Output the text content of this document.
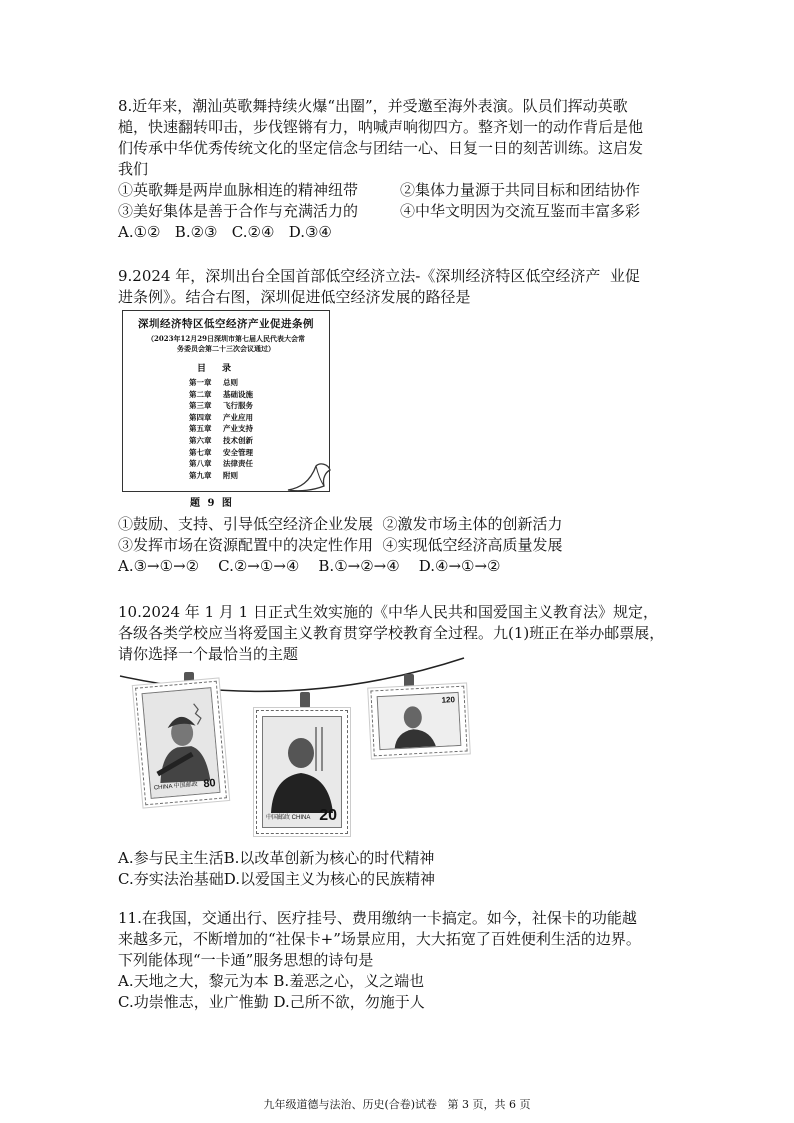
8.近年来，潮汕英歌舞持续火爆“出圈”，并受邀至海外表演。队员们挥动英歌

槌，快速翻转叩击，步伐铿锵有力，呐喊声响彻四方。整齐划一的动作背后是他

们传承中华优秀传统文化的坚定信念与团结一心、日复一日的刻苦训练。这启发

我们

①英歌舞是两岸血脉相连的精神纽带	②集体力量源于共同目标和团结协作
③美好集体是善于合作与充满活力的	④中华文明因为交流互鉴而丰富多彩

A.①②   B.②③   C.②④   D.③④

9.2024 年，深圳出台全国首部低空经济立法-《深圳经济特区低空经济产  业促

进条例》。结合右图，深圳促进低空经济发展的路径是

深圳经济特区低空经济产业促进条例

（2023年12月29日深圳市第七届人民代表大会常

务委员会第二十三次会议通过）

目录
第一章	总则
第二章	基础设施
第三章	飞行服务
第四章	产业应用
第五章	产业支持
第六章	技术创新
第七章	安全管理
第八章	法律责任
第九章	附则
题 9 图

①鼓励、支持、引导低空经济企业发展  ②激发市场主体的创新活力

③发挥市场在资源配置中的决定性作用  ④实现低空经济高质量发展

A.③→①→②    C.②→①→④    B.①→②→④    D.④→①→②

10.2024 年 1 月 1 日正式生效实施的《中华人民共和国爱国主义教育法》规定，

各级各类学校应当将爱国主义教育贯穿学校教育全过程。九(1)班正在举办邮票展，

请你选择一个最恰当的主题

CHINA 中国邮政 80
中国邮政 CHINA 20
120

A.参与民主生活B.以改革创新为核心的时代精神

C.夯实法治基础D.以爱国主义为核心的民族精神

11.在我国，交通出行、医疗挂号、费用缴纳一卡搞定。如今，社保卡的功能越

来越多元，不断增加的“社保卡+”场景应用，大大拓宽了百姓便利生活的边界。

下列能体现“一卡通”服务思想的诗句是

A.天地之大，黎元为本 B.羞恶之心，义之端也

C.功崇惟志，业广惟勤 D.己所不欲，勿施于人

九年级道德与法治、历史(合卷)试卷   第 3 页，共 6 页
